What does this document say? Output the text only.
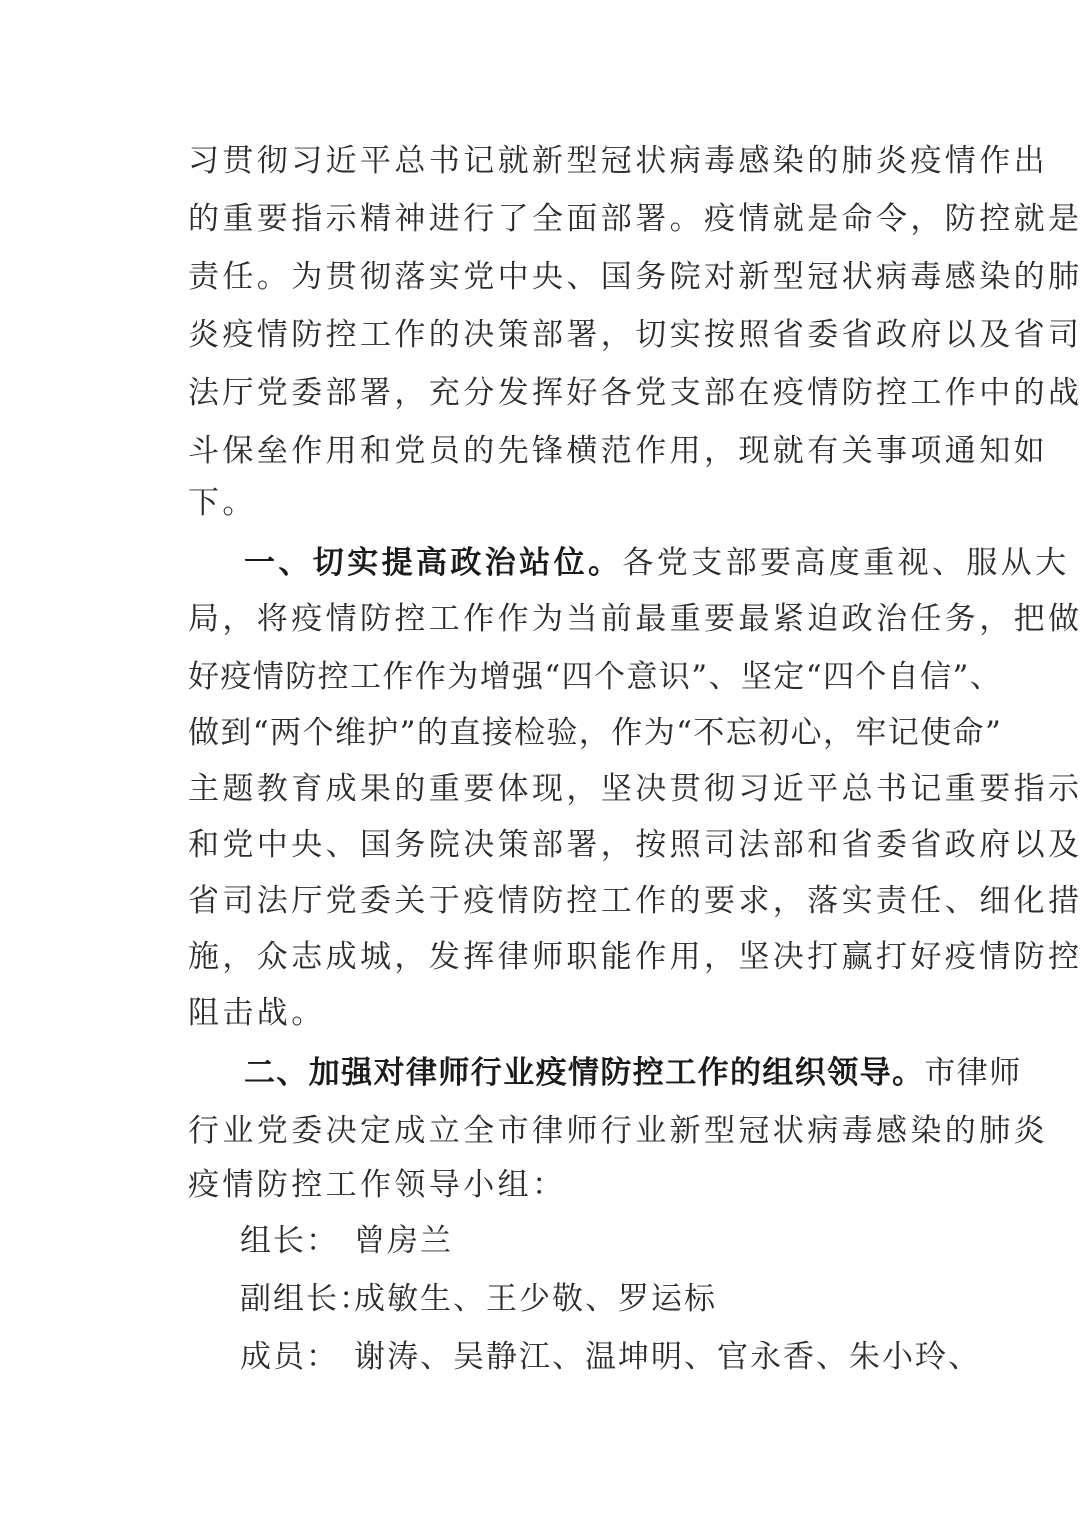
习贯彻习近平总书记就新型冠状病毒感染的肺炎疫情作出
的重要指示精神进行了全面部署。疫情就是命令，防控就是
责任。为贯彻落实党中央、国务院对新型冠状病毒感染的肺
炎疫情防控工作的决策部署，切实按照省委省政府以及省司
法厅党委部署，充分发挥好各党支部在疫情防控工作中的战
斗保垒作用和党员的先锋横范作用，现就有关事项通知如
下。
一、切实提高政治站位。各党支部要高度重视、服从大
局，将疫情防控工作作为当前最重要最紧迫政治任务，把做
好疫情防控工作作为增强“四个意识”、坚定“四个自信”、
做到“两个维护”的直接检验，作为“不忘初心，牢记使命”
主题教育成果的重要体现，坚决贯彻习近平总书记重要指示
和党中央、国务院决策部署，按照司法部和省委省政府以及
省司法厅党委关于疫情防控工作的要求，落实责任、细化措
施，众志成城，发挥律师职能作用，坚决打赢打好疫情防控
阻击战。
二、加强对律师行业疫情防控工作的组织领导。市律师
行业党委决定成立全市律师行业新型冠状病毒感染的肺炎
疫情防控工作领导小组：
组长： 曾房兰
副组长：成敏生、王少敬、罗运标
成员： 谢涛、吴静江、温坤明、官永香、朱小玲、
